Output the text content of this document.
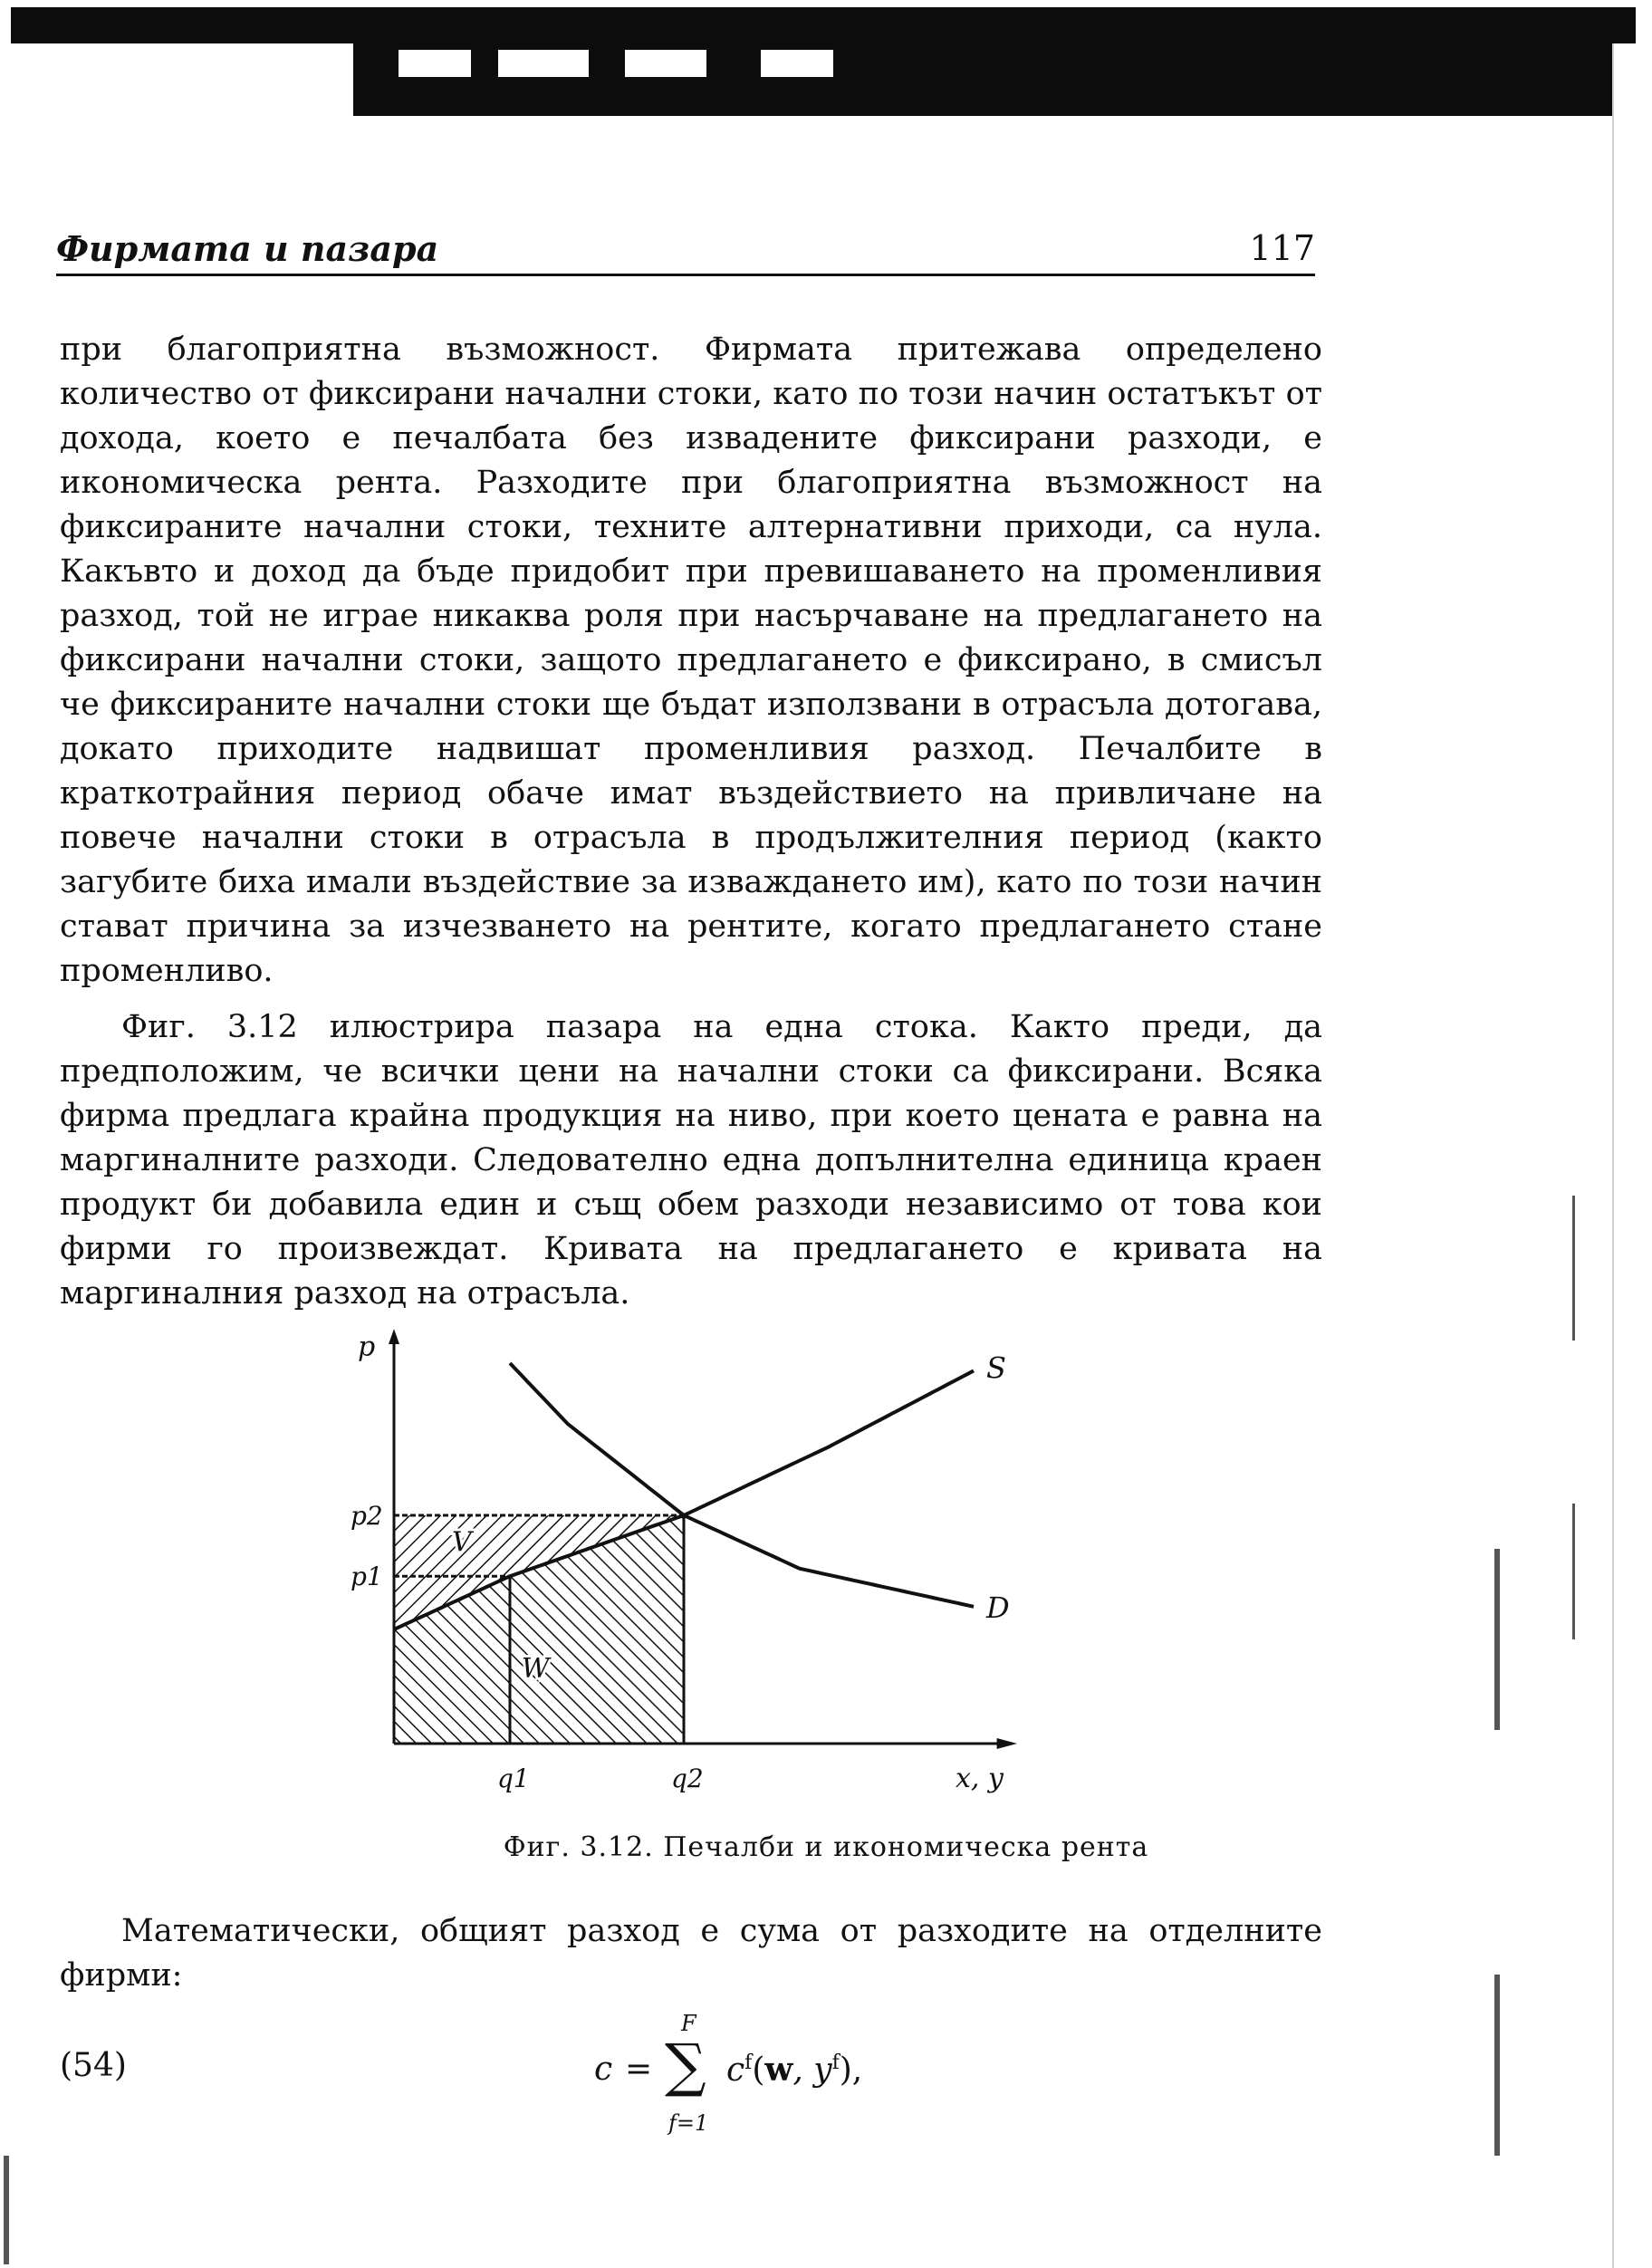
Фирмата и пазара	117

при благоприятна възможност. Фирмата притежава определено количество от фиксирани начални стоки, като по този начин остатъкът от дохода, което е печалбата без изваденитe фиксирани разходи, е икономическа рента. Разходите при благоприятна възможност на фиксираните начални стоки, техните алтернативни приходи, са нула. Какъвто и доход да бъде придобит при превишаването на променливия разход, той не играе никаква роля при насърчаване на предлагането на фиксирани начални стоки, защото предлагането е фиксирано, в смисъл че фиксираните начални стоки ще бъдат използвани в отрасъла дотогава, докато приходите надвишат променливия разход. Печалбите в краткотрайния период обаче имат въздействието на привличане на повече начални стоки в отрасъла в продължителния период (както загубите биха имали въздействие за изваждането им), като по този начин стават причина за изчезването на рентите, когато предлагането стане променливо.

Фиг. 3.12 илюстрира пазара на една стока. Както преди, да предположим, че всички цени на начални стоки са фиксирани. Всяка фирма предлага крайна продукция на ниво, при което цената е равна на маргиналните разходи. Следователно една допълнителна единица краен продукт би добавила един и същ обем разходи независимо от това кои фирми го произвеждат. Кривата на предлагането е кривата на маргиналния разход на отрасъла.

V
W
S
D
p
x, y
p2
p1
q1	q2
Фиг. 3.12. Печалби и икономическа рента

Математически, общият разход е сума от разходите на отделните фирми:

(54)	c =
F
∑
f=1
$c^f(w$, $y^f$),
